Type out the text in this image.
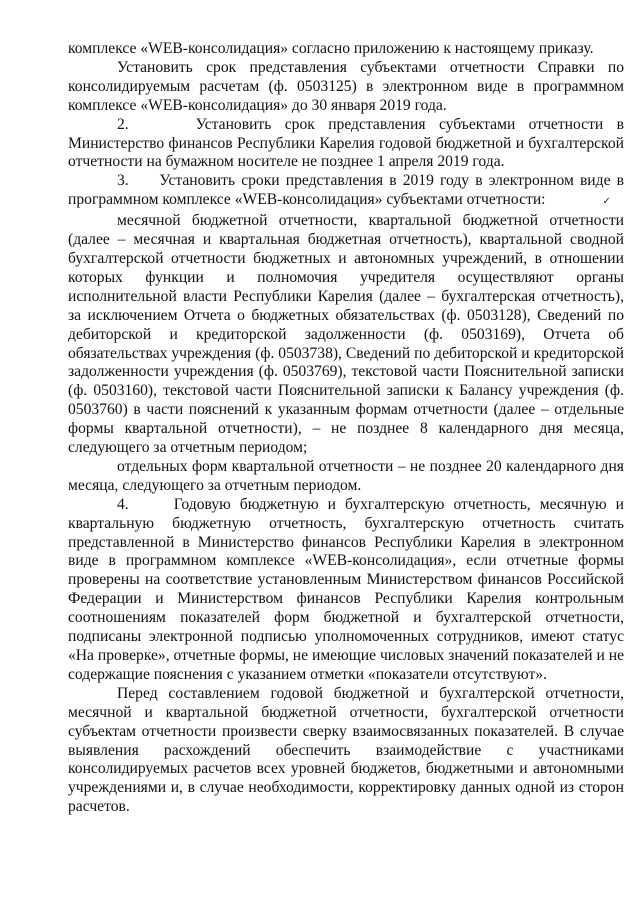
комплексе «WEB-консолидация» согласно приложению к настоящему приказу.

Установить срок представления субъектами отчетности Справки по консолидируемым расчетам (ф. 0503125) в электронном виде в программном комплексе «WEB-консолидация» до 30 января 2019 года.

2.     Установить срок представления субъектами отчетности в Министерство финансов Республики Карелия годовой бюджетной и бухгалтерской отчетности на бумажном носителе не позднее 1 апреля 2019 года.

3.     Установить сроки представления в 2019 году в электронном виде в программном комплексе «WEB-консолидация» субъектами отчетности:	✓

месячной бюджетной отчетности, квартальной бюджетной отчетности (далее – месячная и квартальная бюджетная отчетность), квартальной сводной бухгалтерской отчетности бюджетных и автономных учреждений, в отношении которых функции и полномочия учредителя осуществляют органы исполнительной власти Республики Карелия (далее – бухгалтерская отчетность), за исключением Отчета о бюджетных обязательствах (ф. 0503128), Сведений по дебиторской и кредиторской задолженности (ф. 0503169), Отчета об обязательствах учреждения (ф. 0503738), Сведений по дебиторской и кредиторской задолженности учреждения (ф. 0503769), текстовой части Пояснительной записки (ф. 0503160), текстовой части Пояснительной записки к Балансу учреждения (ф. 0503760) в части пояснений к указанным формам отчетности (далее – отдельные формы квартальной отчетности), – не позднее 8 календарного дня месяца, следующего за отчетным периодом;

отдельных форм квартальной отчетности – не позднее 20 календарного дня месяца, следующего за отчетным периодом.

4.     Годовую бюджетную и бухгалтерскую отчетность, месячную и квартальную бюджетную отчетность, бухгалтерскую отчетность считать представленной в Министерство финансов Республики Карелия в электронном виде в программном комплексе «WEB-консолидация», если отчетные формы проверены на соответствие установленным Министерством финансов Российской Федерации и Министерством финансов Республики Карелия контрольным соотношениям показателей форм бюджетной и бухгалтерской отчетности, подписаны электронной подписью уполномоченных сотрудников, имеют статус «На проверке», отчетные формы, не имеющие числовых значений показателей и не содержащие пояснения с указанием отметки «показатели отсутствуют».

Перед составлением годовой бюджетной и бухгалтерской отчетности, месячной и квартальной бюджетной отчетности, бухгалтерской отчетности субъектам отчетности произвести сверку взаимосвязанных показателей. В случае выявления расхождений обеспечить взаимодействие с участниками консолидируемых расчетов всех уровней бюджетов, бюджетными и автономными учреждениями и, в случае необходимости, корректировку данных одной из сторон расчетов.
